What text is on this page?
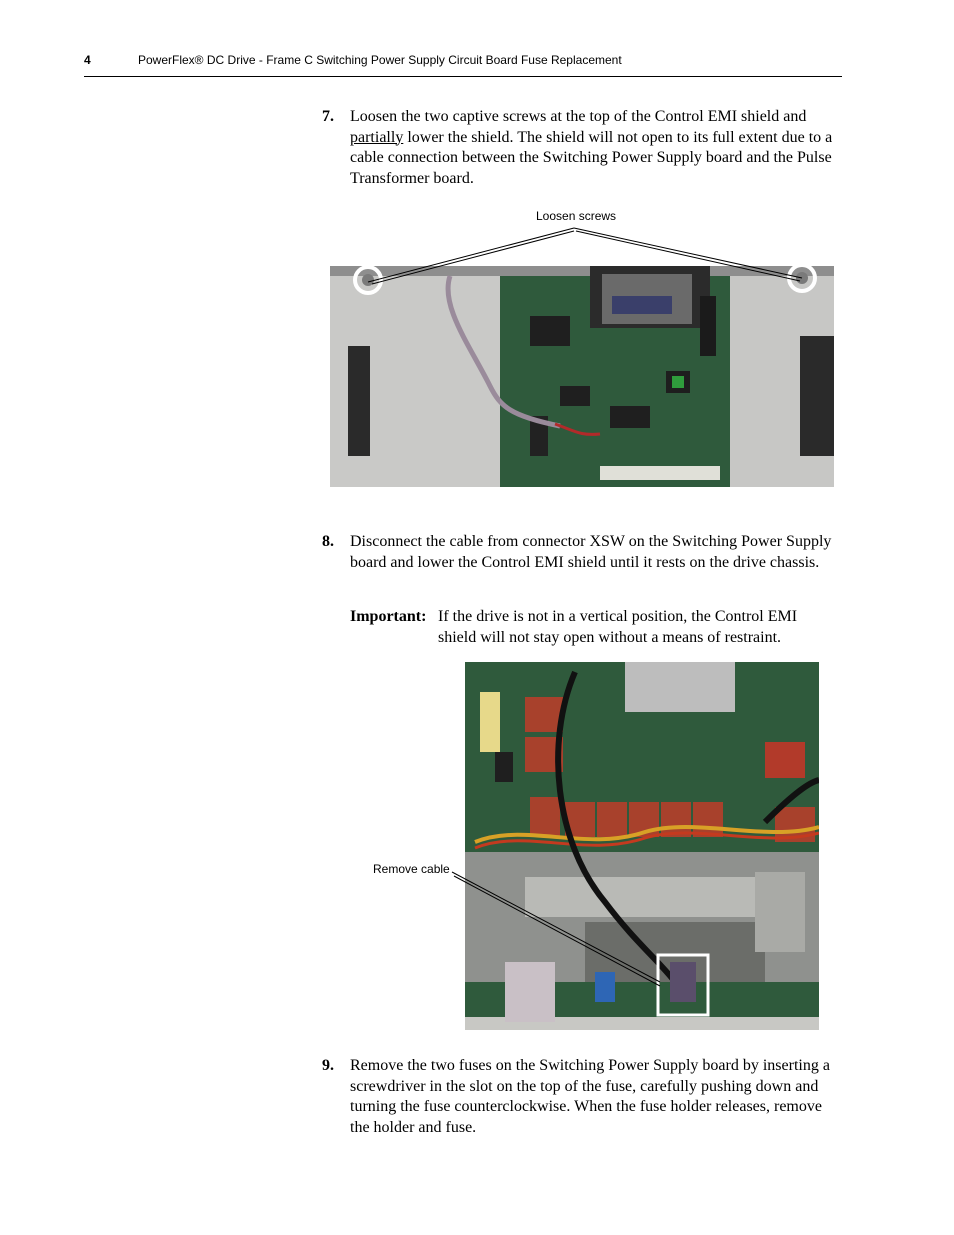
4	PowerFlex® DC Drive - Frame C Switching Power Supply Circuit Board Fuse Replacement
7. Loosen the two captive screws at the top of the Control EMI shield and partially lower the shield. The shield will not open to its full extent due to a cable connection between the Switching Power Supply board and the Pulse Transformer board.
Loosen screws
8. Disconnect the cable from connector XSW on the Switching Power Supply board and lower the Control EMI shield until it rests on the drive chassis.
Important: If the drive is not in a vertical position, the Control EMI shield will not stay open without a means of restraint.
Remove cable
9. Remove the two fuses on the Switching Power Supply board by inserting a screwdriver in the slot on the top of the fuse, carefully pushing down and turning the fuse counterclockwise. When the fuse holder releases, remove the holder and fuse.
